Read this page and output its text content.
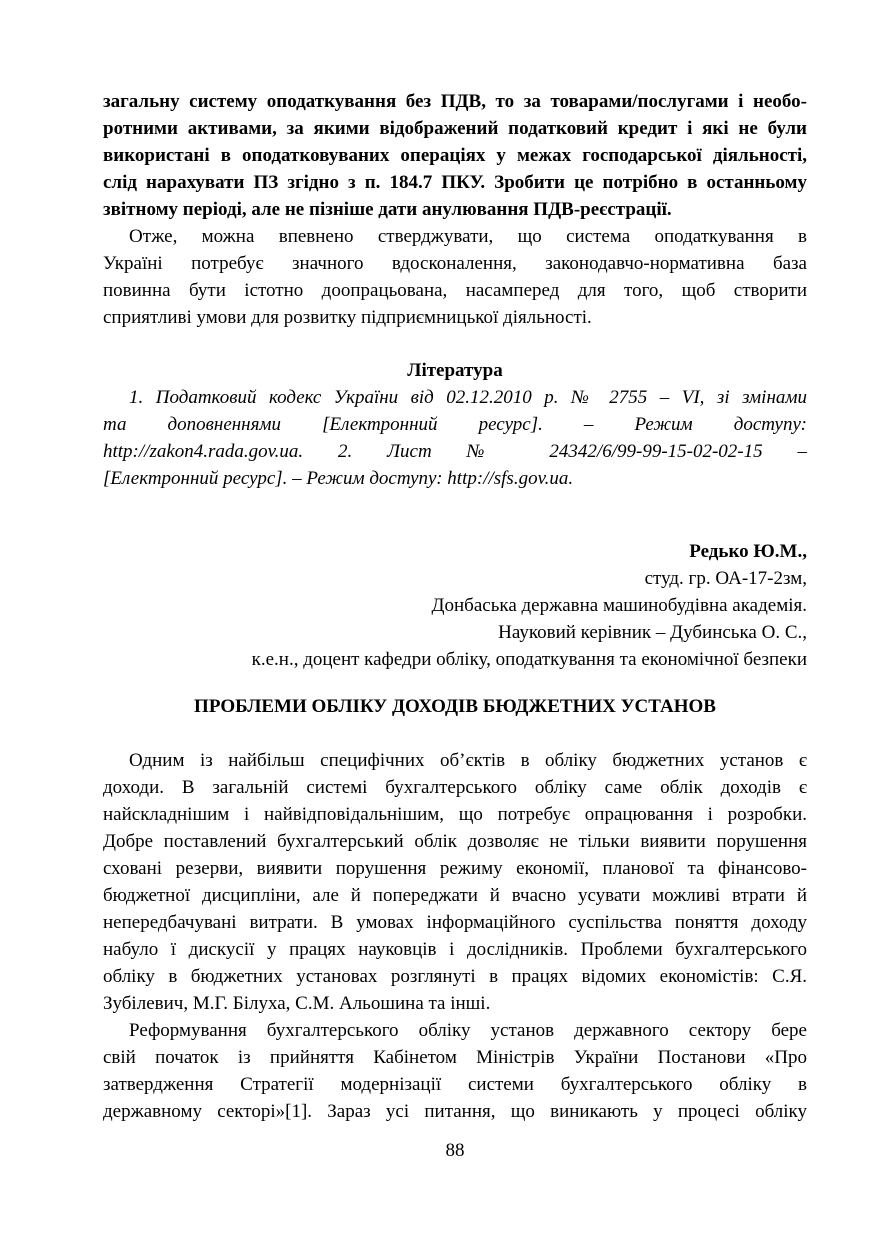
загальну систему оподаткування без ПДВ, то за товарами/послугами і необо-
ротними активами, за якими відображений податковий кредит і які не були
використані в оподатковуваних операціях у межах господарської діяльності,
слід нарахувати ПЗ згідно з п. 184.7 ПКУ. Зробити це потрібно в останньому
звітному періоді, але не пізніше дати анулювання ПДВ-реєстрації.
Отже, можна впевнено стверджувати, що система оподаткування в
Україні потребує значного вдосконалення, законодавчо-нормативна база
повинна бути істотно доопрацьована, насамперед для того, щоб створити
сприятливі умови для розвитку підприємницької діяльності.
Література
1. Податковий кодекс України від 02.12.2010 р. № 2755 – VI, зі змінами
та доповненнями [Електронний ресурс]. – Режим доступу:
http://zakon4.rada.gov.ua. 2. Лист № 24342/6/99-99-15-02-02-15 –
[Електронний ресурс]. – Режим доступу: http://sfs.gov.ua.
Редько Ю.М.,
студ. гр. ОА-17-2зм,
Донбаська державна машинобудівна академія.
Науковий керівник – Дубинська О. С.,
к.е.н., доцент кафедри обліку, оподаткування та економічної безпеки
ПРОБЛЕМИ ОБЛІКУ ДОХОДІВ БЮДЖЕТНИХ УСТАНОВ
Одним із найбільш специфічних об’єктів в обліку бюджетних установ є
доходи. В загальній системі бухгалтерського обліку саме облік доходів є
найскладнішим і найвідповідальнішим, що потребує опрацювання і розробки.
Добре поставлений бухгалтерський облік дозволяє не тільки виявити порушення
сховані резерви, виявити порушення режиму економії, планової та фінансово-
бюджетної дисципліни, але й попереджати й вчасно усувати можливі втрати й
непередбачувані витрати. В умовах інформаційного суспільства поняття доходу
набуло ї дискусії у працях науковців і дослідників. Проблеми бухгалтерського
обліку в бюджетних установах розглянуті в працях відомих економістів: С.Я.
Зубілевич, М.Г. Білуха, С.М. Альошина та інші.
Реформування бухгалтерського обліку установ державного сектору бере
свій початок із прийняття Кабінетом Міністрів України Постанови «Про
затвердження Стратегії модернізації системи бухгалтерського обліку в
державному секторі»[1]. Зараз усі питання, що виникають у процесі обліку
88
